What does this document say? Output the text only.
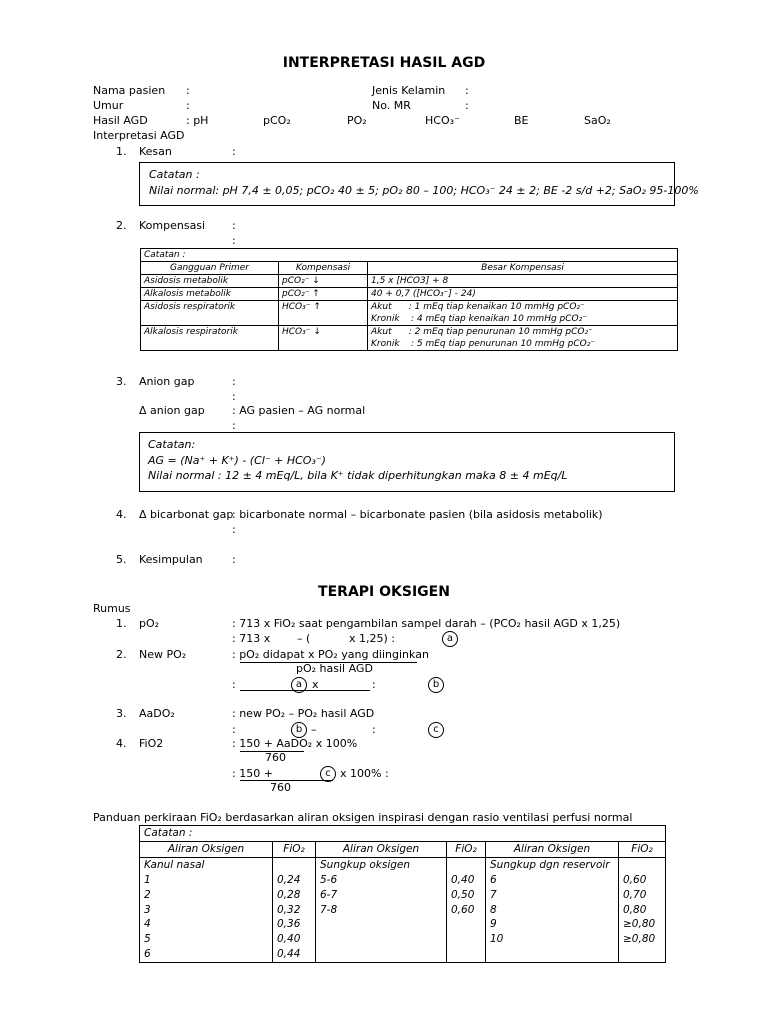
INTERPRETASI HASIL AGD
Nama pasien :	Jenis Kelamin :
Umur	:	No. MR	:
Hasil AGD	: pH	pCO₂	PO₂	HCO₃⁻	BE	SaO₂
Interpretasi AGD
1. Kesan	:
Catatan :
Nilai normal: pH 7,4 ± 0,05; pCO₂ 40 ± 5; pO₂ 80 – 100; HCO₃⁻ 24 ± 2; BE -2 s/d +2; SaO₂ 95-100%
2. Kompensasi :
:
Catatan :		
Gangguan Primer	Kompensasi	Besar Kompensasi
Asidosis metabolik	pCO₂⁻ ↓	1,5 x [HCO3] + 8
Alkalosis metabolik	pCO₂⁻ ↑	40 + 0,7 ([HCO₃⁻] - 24)
Asidosis respiratorik	HCO₃⁻ ↑	Akut      : 1 mEq tiap kenaikan 10 mmHg pCO₂⁻
Kronik    : 4 mEq tiap kenaikan 10 mmHg pCO₂⁻

Alkalosis respiratorik	HCO₃⁻ ↓	Akut      : 2 mEq tiap penurunan 10 mmHg pCO₂⁻
Kronik    : 5 mEq tiap penurunan 10 mmHg pCO₂⁻
3. Anion gap	:
:
Δ anion gap : AG pasien – AG normal
:
Catatan:
AG = (Na⁺ + K⁺) - (Cl⁻ + HCO₃⁻)
Nilai normal : 12 ± 4 mEq/L, bila K⁺ tidak diperhitungkan maka 8 ± 4 mEq/L
4. Δ bicarbonat gap
: bicarbonate normal – bicarbonate pasien (bila asidosis metabolik)
:
5. Kesimpulan	:
TERAPI OKSIGEN
Rumus
1. pO₂	: 713 x FiO₂ saat pengambilan sampel darah – (PCO₂ hasil AGD x 1,25)
: 713 x – (	x 1,25) :	a
2. New PO₂	: pO₂ didapat x PO₂ yang diinginkan
pO₂ hasil AGD
:	a x	:	b
3. AaDO₂	: new PO₂ – PO₂ hasil AGD
:	b –	:	c
4. FiO2	: 150 + AaDO₂ x 100%
760
: 150 +	c x 100% :
760
Panduan perkiraan FiO₂ berdasarkan aliran oksigen inspirasi dengan rasio ventilasi perfusi normal
Catatan :					
Aliran Oksigen	FiO₂	Aliran Oksigen	FiO₂	Aliran Oksigen	FiO₂
Kanul nasal		Sungkup oksigen		Sungkup dgn reservoir	
1	0,24	5-6	0,40	6	0,60
2	0,28	6-7	0,50	7	0,70
3	0,32	7-8	0,60	8	0,80
4	0,36			9	≥0,80
5	0,40			10	≥0,80
6	0,44				
